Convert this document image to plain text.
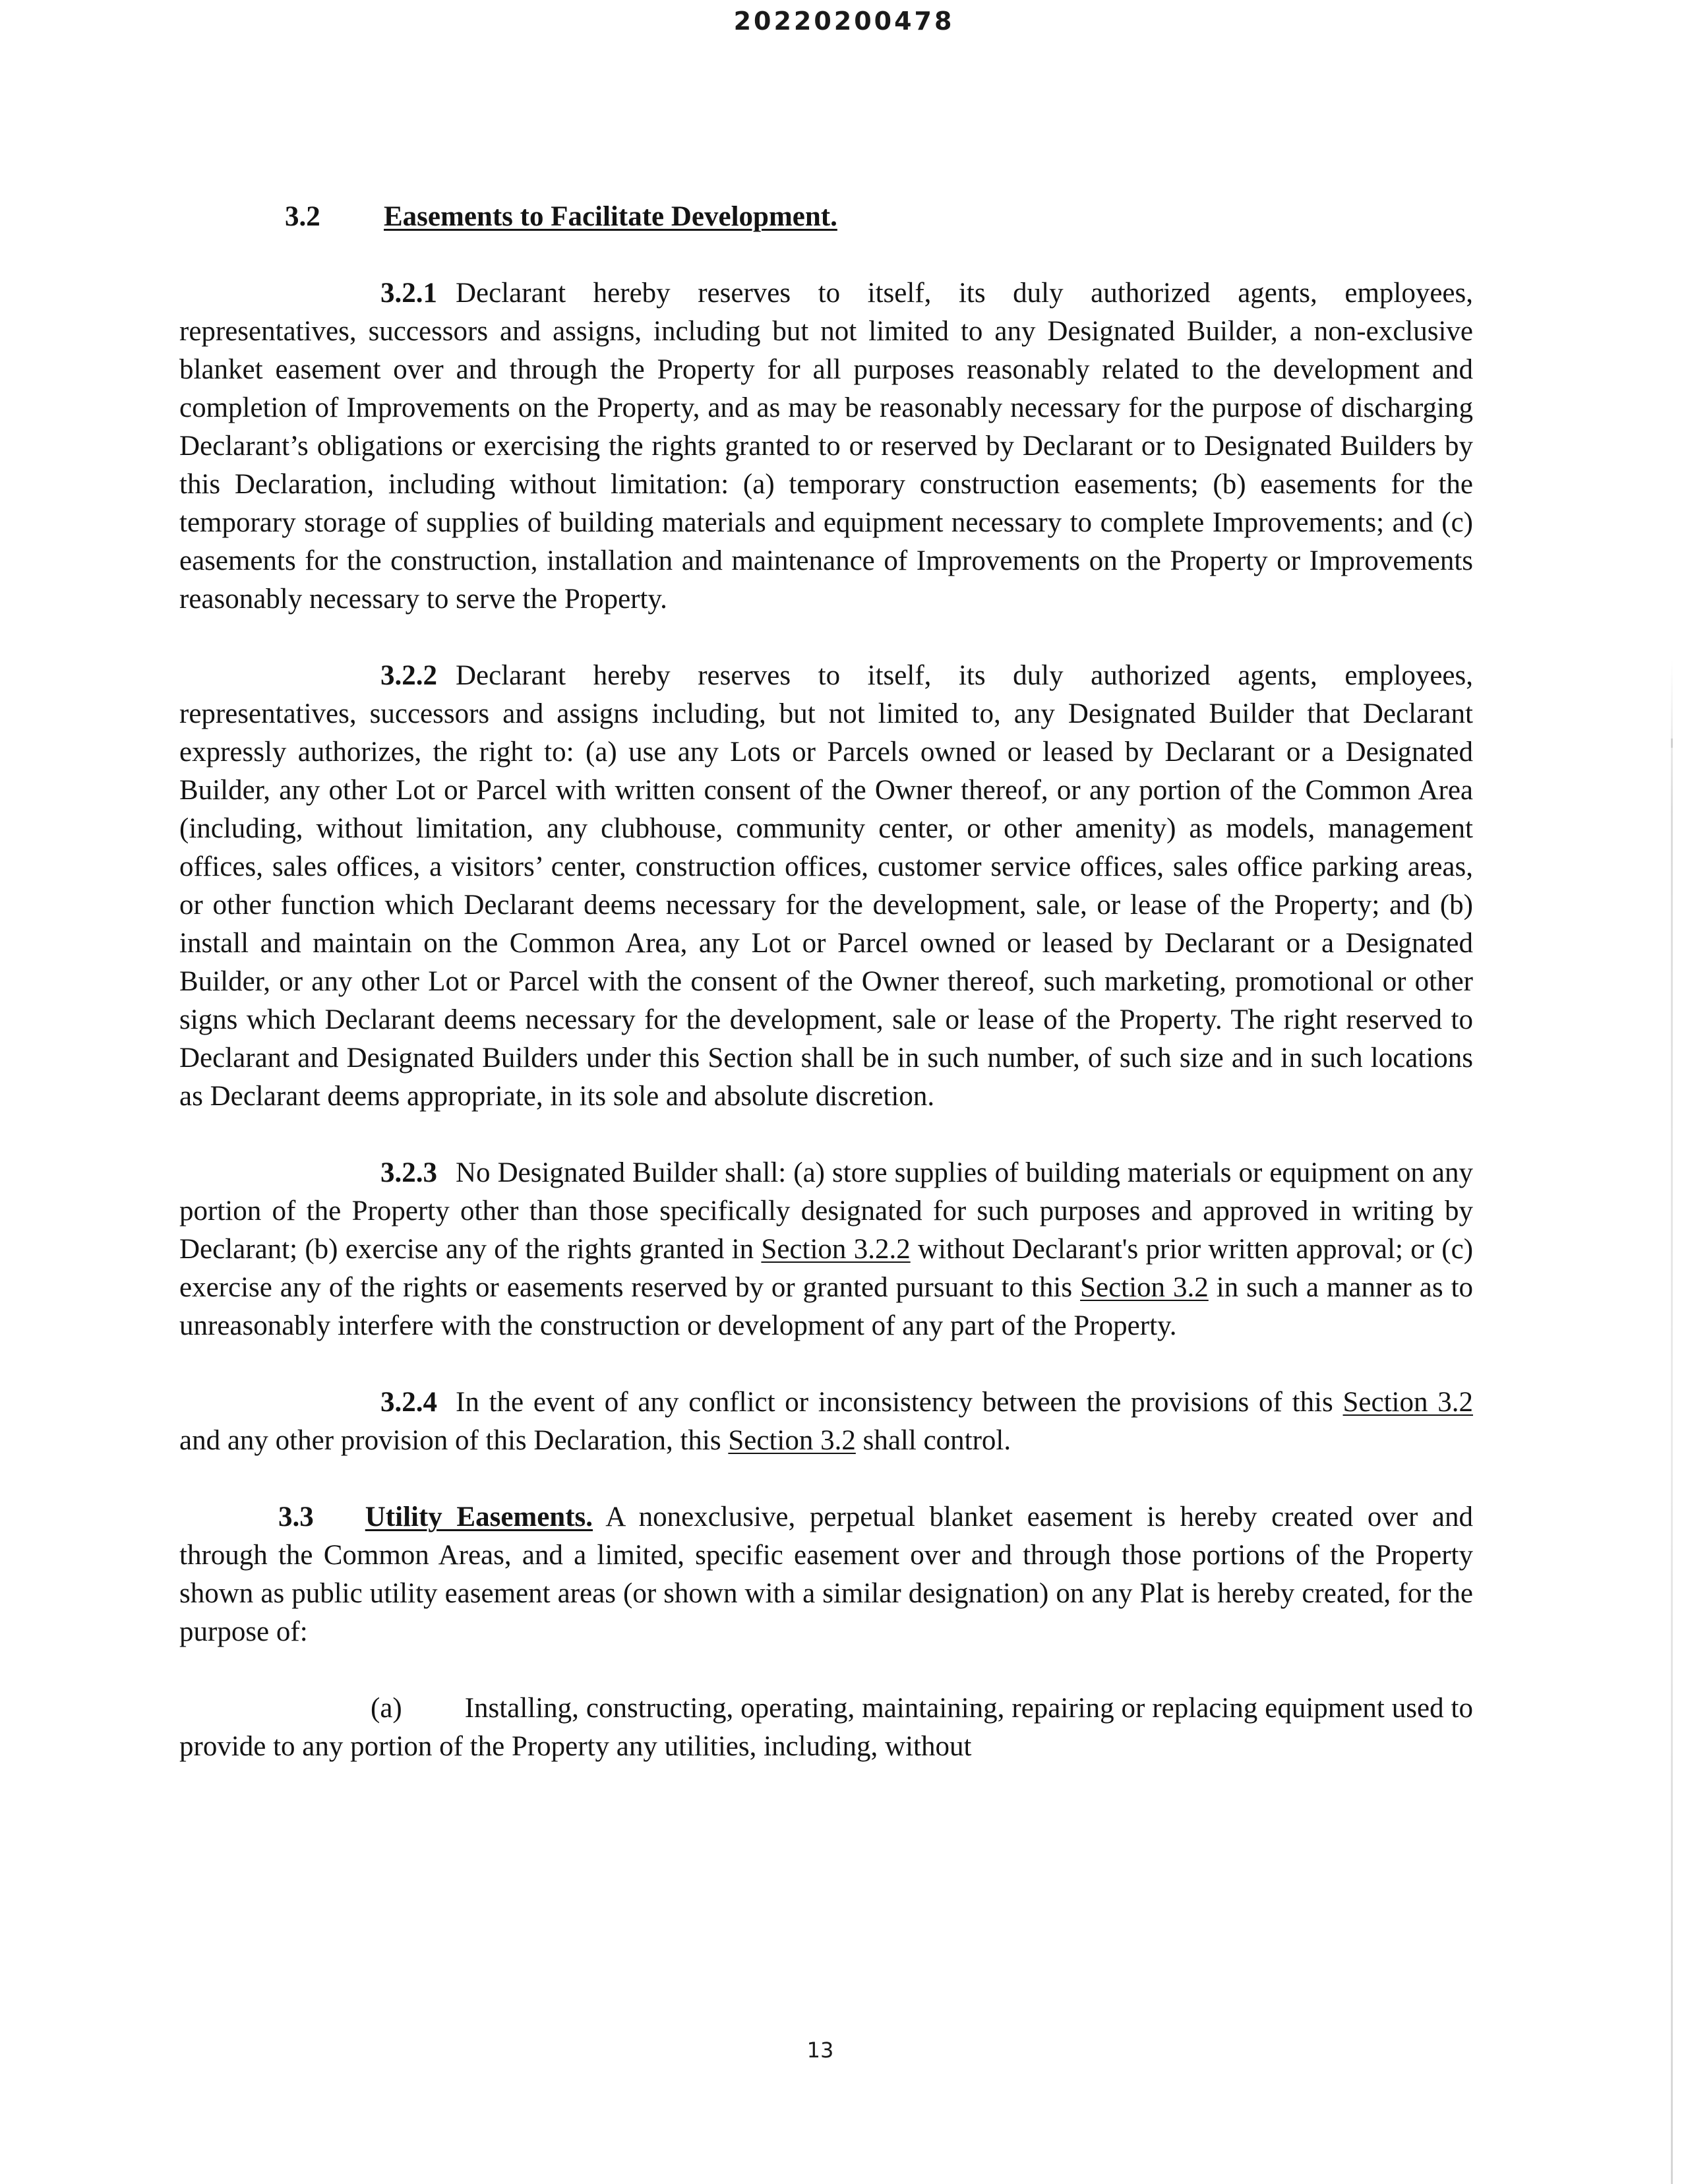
20220200478
3.2 Easements to Facilitate Development.

3.2.1 Declarant hereby reserves to itself, its duly authorized agents, employees, representatives, successors and assigns, including but not limited to any Designated Builder, a non-exclusive blanket easement over and through the Property for all purposes reasonably related to the development and completion of Improvements on the Property, and as may be reasonably necessary for the purpose of discharging Declarant’s obligations or exercising the rights granted to or reserved by Declarant or to Designated Builders by this Declaration, including without limitation: (a) temporary construction easements; (b) easements for the temporary storage of supplies of building materials and equipment necessary to complete Improvements; and (c) easements for the construction, installation and maintenance of Improvements on the Property or Improvements reasonably necessary to serve the Property.

3.2.2 Declarant hereby reserves to itself, its duly authorized agents, employees, representatives, successors and assigns including, but not limited to, any Designated Builder that Declarant expressly authorizes, the right to: (a) use any Lots or Parcels owned or leased by Declarant or a Designated Builder, any other Lot or Parcel with written consent of the Owner thereof, or any portion of the Common Area (including, without limitation, any clubhouse, community center, or other amenity) as models, management offices, sales offices, a visitors’ center, construction offices, customer service offices, sales office parking areas, or other function which Declarant deems necessary for the development, sale, or lease of the Property; and (b) install and maintain on the Common Area, any Lot or Parcel owned or leased by Declarant or a Designated Builder, or any other Lot or Parcel with the consent of the Owner thereof, such marketing, promotional or other signs which Declarant deems necessary for the development, sale or lease of the Property. The right reserved to Declarant and Designated Builders under this Section shall be in such number, of such size and in such locations as Declarant deems appropriate, in its sole and absolute discretion.

3.2.3 No Designated Builder shall: (a) store supplies of building materials or equipment on any portion of the Property other than those specifically designated for such purposes and approved in writing by Declarant; (b) exercise any of the rights granted in Section 3.2.2 without Declarant's prior written approval; or (c) exercise any of the rights or easements reserved by or granted pursuant to this Section 3.2 in such a manner as to unreasonably interfere with the construction or development of any part of the Property.

3.2.4 In the event of any conflict or inconsistency between the provisions of this Section 3.2 and any other provision of this Declaration, this Section 3.2 shall control.

3.3 Utility Easements. A nonexclusive, perpetual blanket easement is hereby created over and through the Common Areas, and a limited, specific easement over and through those portions of the Property shown as public utility easement areas (or shown with a similar designation) on any Plat is hereby created, for the purpose of:

(a) Installing, constructing, operating, maintaining, repairing or replacing equipment used to provide to any portion of the Property any utilities, including, without

13
